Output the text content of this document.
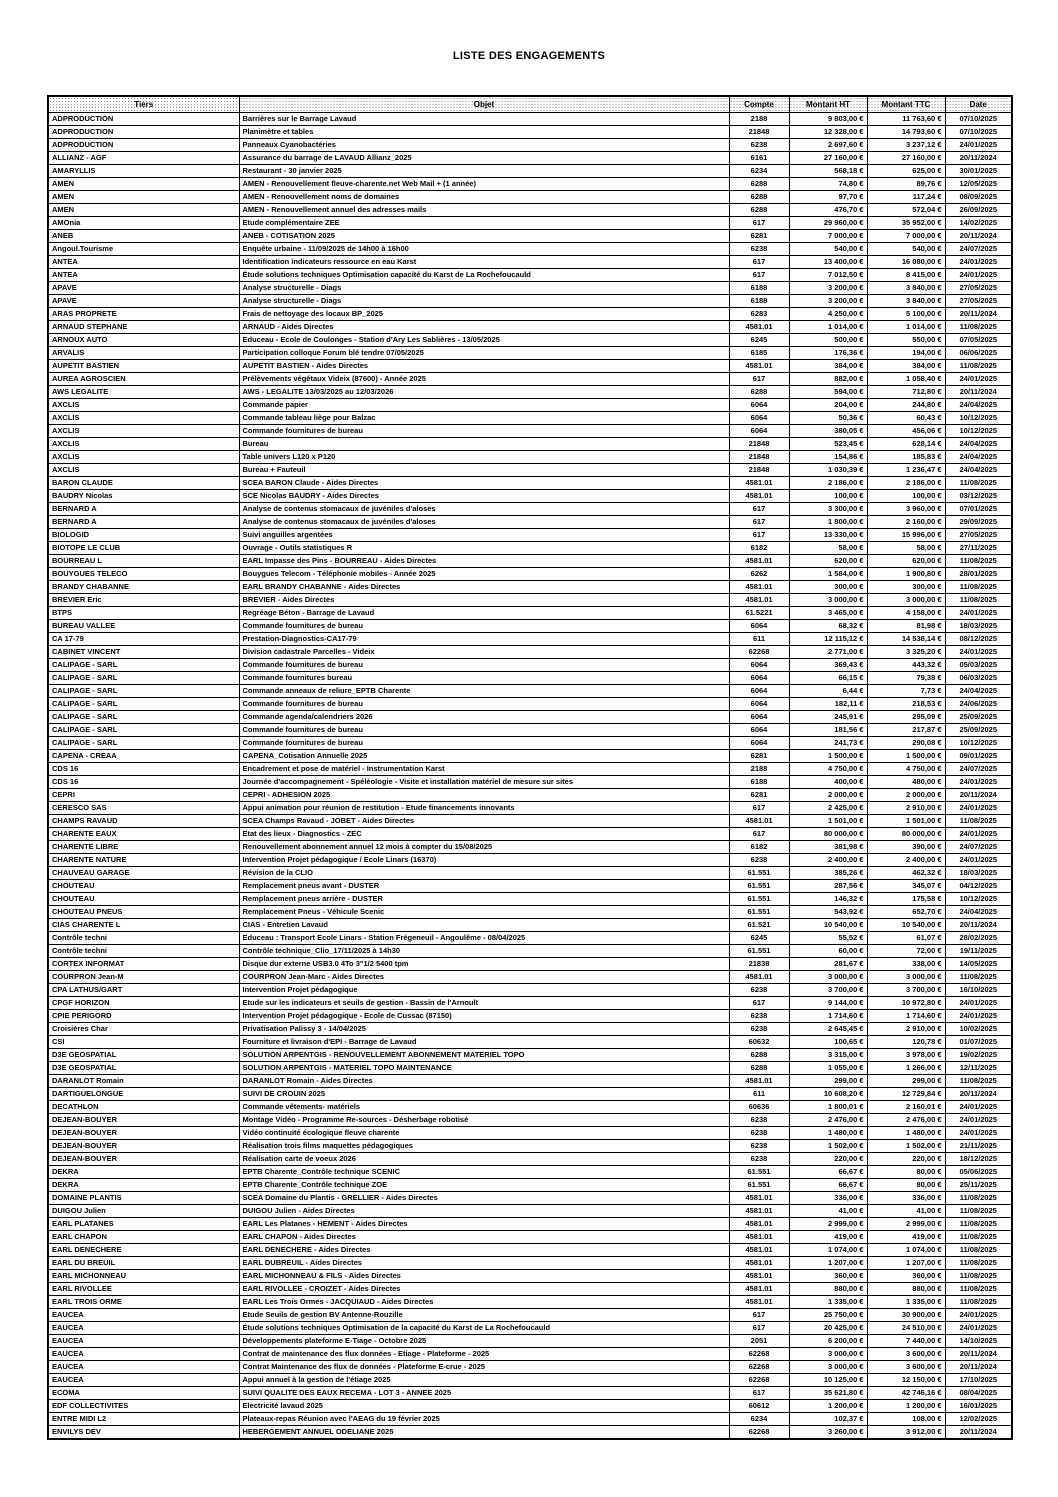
LISTE DES ENGAGEMENTS
Tiers	Objet	Compte	Montant HT	Montant TTC	Date
ADPRODUCTION	Barrières sur le Barrage Lavaud	2188	9 803,00 €	11 763,60 €	07/10/2025
ADPRODUCTION	Planimètre et tables	21848	12 328,00 €	14 793,60 €	07/10/2025
ADPRODUCTION	Panneaux Cyanobactéries	6238	2 697,60 €	3 237,12 €	24/01/2025
ALLIANZ - AGF	Assurance du barrage de LAVAUD Allianz_2025	6161	27 160,00 €	27 160,00 €	20/11/2024
AMARYLLIS	Restaurant - 30 janvier 2025	6234	568,18 €	625,00 €	30/01/2025
AMEN	AMEN - Renouvellement fleuve-charente.net Web Mail + (1 année)	6288	74,80 €	89,76 €	12/05/2025
AMEN	AMEN - Renouvellement noms de domaines	6288	97,70 €	117,24 €	08/09/2025
AMEN	AMEN - Renouvellement annuel des adresses mails	6288	476,70 €	572,04 €	26/09/2025
AMOnia	Etude complémentaire ZEE	617	29 960,00 €	35 952,00 €	14/02/2025
ANEB	ANEB - COTISATION 2025	6281	7 000,00 €	7 000,00 €	20/11/2024
Angoul.Tourisme	Enquête urbaine - 11/09/2025 de 14h00 à 16h00	6238	540,00 €	540,00 €	24/07/2025
ANTEA	Identification indicateurs ressource en eau Karst	617	13 400,00 €	16 080,00 €	24/01/2025
ANTEA	Étude solutions techniques Optimisation capacité du Karst de La Rochefoucauld	617	7 012,50 €	8 415,00 €	24/01/2025
APAVE	Analyse structurelle - Diags	6188	3 200,00 €	3 840,00 €	27/05/2025
APAVE	Analyse structurelle - Diags	6188	3 200,00 €	3 840,00 €	27/05/2025
ARAS PROPRETE	Frais de nettoyage des locaux BP_2025	6283	4 250,00 €	5 100,00 €	20/11/2024
ARNAUD STEPHANE	ARNAUD - Aides Directes	4581.01	1 014,00 €	1 014,00 €	11/08/2025
ARNOUX AUTO	Educeau - Ecole de Coulonges - Station d'Ary Les Sablières - 13/05/2025	6245	500,00 €	550,00 €	07/05/2025
ARVALIS	Participation colloque Forum blé tendre 07/05/2025	6185	176,36 €	194,00 €	06/06/2025
AUPETIT BASTIEN	AUPETIT BASTIEN - Aides Directes	4581.01	384,00 €	384,00 €	11/08/2025
AUREA AGROSCIEN	Prélèvements végétaux Videix (87600) - Année 2025	617	882,00 €	1 058,40 €	24/01/2025
AWS LEGALITE	AWS - LEGALITE 13/03/2025 au 12/03/2026	6288	594,00 €	712,80 €	20/11/2024
AXCLIS	Commande papier	6064	204,00 €	244,80 €	24/04/2025
AXCLIS	Commande tableau liège pour Balzac	6064	50,36 €	60,43 €	10/12/2025
AXCLIS	Commande fournitures de bureau	6064	380,05 €	456,06 €	10/12/2025
AXCLIS	Bureau	21848	523,45 €	628,14 €	24/04/2025
AXCLIS	Table univers L120 x P120	21848	154,86 €	185,83 €	24/04/2025
AXCLIS	Bureau + Fauteuil	21848	1 030,39 €	1 236,47 €	24/04/2025
BARON CLAUDE	SCEA BARON Claude - Aides Directes	4581.01	2 186,00 €	2 186,00 €	11/08/2025
BAUDRY Nicolas	SCE Nicolas BAUDRY - Aides Directes	4581.01	100,00 €	100,00 €	03/12/2025
BERNARD A	Analyse de contenus stomacaux de juvéniles d'aloses	617	3 300,00 €	3 960,00 €	07/01/2025
BERNARD A	Analyse de contenus stomacaux de juvéniles d'aloses	617	1 800,00 €	2 160,00 €	29/09/2025
BIOLOGID	Suivi anguilles argentées	617	13 330,00 €	15 996,00 €	27/05/2025
BIOTOPE LE CLUB	Ouvrage - Outils statistiques R	6182	58,00 €	58,00 €	27/11/2025
BOURREAU L	EARL Impasse des Pins - BOURREAU - Aides Directes	4581.01	620,00 €	620,00 €	11/08/2025
BOUYGUES TELECO	Bouygues Telecom - Téléphonie mobiles - Année 2025	6262	1 584,00 €	1 900,80 €	28/01/2025
BRANDY CHABANNE	EARL BRANDY CHABANNE - Aides Directes	4581.01	300,00 €	300,00 €	11/08/2025
BREVIER Eric	BREVIER - Aides Directes	4581.01	3 000,00 €	3 000,00 €	11/08/2025
BTPS	Regréage Béton - Barrage de Lavaud	61.5221	3 465,00 €	4 158,00 €	24/01/2025
BUREAU VALLEE	Commande fournitures de bureau	6064	68,32 €	81,98 €	18/03/2025
CA 17-79	Prestation-Diagnostics-CA17-79	611	12 115,12 €	14 538,14 €	08/12/2025
CABINET VINCENT	Division cadastrale Parcelles - Videix	62268	2 771,00 €	3 325,20 €	24/01/2025
CALIPAGE - SARL	Commande fournitures de bureau	6064	369,43 €	443,32 €	05/03/2025
CALIPAGE - SARL	Commande fournitures bureau	6064	66,15 €	79,38 €	06/03/2025
CALIPAGE - SARL	Commande anneaux de reliure_EPTB Charente	6064	6,44 €	7,73 €	24/04/2025
CALIPAGE - SARL	Commande fournitures de bureau	6064	182,11 €	218,53 €	24/06/2025
CALIPAGE - SARL	Commande agenda/calendriers 2026	6064	245,91 €	295,09 €	25/09/2025
CALIPAGE - SARL	Commande fournitures de bureau	6064	181,56 €	217,87 €	25/09/2025
CALIPAGE - SARL	Commande fournitures de bureau	6064	241,73 €	290,08 €	10/12/2025
CAPENA - CREAA	CAPENA_Cotisation Annuelle 2025	6281	1 500,00 €	1 500,00 €	09/01/2025
CDS 16	Encadrement et pose de matériel - Instrumentation Karst	2188	4 750,00 €	4 750,00 €	24/07/2025
CDS 16	Journée d'accompagnement - Spéléologie - Visite et installation matériel de mesure sur sites	6188	400,00 €	480,00 €	24/01/2025
CEPRI	CEPRI - ADHESION 2025	6281	2 000,00 €	2 000,00 €	20/11/2024
CERESCO SAS	Appui animation pour réunion de restitution - Etude financements innovants	617	2 425,00 €	2 910,00 €	24/01/2025
CHAMPS RAVAUD	SCEA Champs Ravaud - JOBET - Aides Directes	4581.01	1 501,00 €	1 501,00 €	11/08/2025
CHARENTE EAUX	Etat des lieux - Diagnostics - ZEC	617	80 000,00 €	80 000,00 €	24/01/2025
CHARENTE LIBRE	Renouvellement abonnement annuel 12 mois à compter du 15/08/2025	6182	381,98 €	390,00 €	24/07/2025
CHARENTE NATURE	Intervention Projet pédagogique / Ecole Linars (16370)	6238	2 400,00 €	2 400,00 €	24/01/2025
CHAUVEAU GARAGE	Révision de la CLIO	61.551	385,26 €	462,32 €	18/03/2025
CHOUTEAU	Remplacement pneus avant - DUSTER	61.551	287,56 €	345,07 €	04/12/2025
CHOUTEAU	Remplacement pneus arrière - DUSTER	61.551	146,32 €	175,58 €	10/12/2025
CHOUTEAU PNEUS	Remplacement Pneus - Véhicule Scenic	61.551	543,92 €	652,70 €	24/04/2025
CIAS CHARENTE L	CIAS - Entretien Lavaud	61.521	10 540,00 €	10 540,00 €	20/11/2024
Contrôle techni	Educeau : Transport Ecole Linars - Station Frégeneuil - Angoulême - 08/04/2025	6245	55,52 €	61,07 €	28/02/2025
Contrôle techni	Contrôle technique_Clio_17/11/2025 à 14h30	61.551	60,00 €	72,00 €	19/11/2025
CORTEX INFORMAT	Disque dur externe USB3.0 4To 3"1/2 5400 tpm	21838	281,67 €	338,00 €	14/05/2025
COURPRON Jean-M	COURPRON Jean-Marc - Aides Directes	4581.01	3 000,00 €	3 000,00 €	11/08/2025
CPA LATHUS/GART	Intervention Projet pédagogique	6238	3 700,00 €	3 700,00 €	16/10/2025
CPGF HORIZON	Etude sur les indicateurs et seuils de gestion - Bassin de l'Arnoult	617	9 144,00 €	10 972,80 €	24/01/2025
CPIE PERIGORD	Intervention Projet pédagogique - Ecole de Cussac (87150)	6238	1 714,60 €	1 714,60 €	24/01/2025
Croisières Char	Privatisation Palissy 3 - 14/04/2025	6238	2 645,45 €	2 910,00 €	10/02/2025
CSI	Fourniture et livraison d'EPI - Barrage de Lavaud	60632	100,65 €	120,78 €	01/07/2025
D3E GEOSPATIAL	SOLUTION ARPENTGIS - RENOUVELLEMENT ABONNEMENT MATERIEL TOPO	6288	3 315,00 €	3 978,00 €	19/02/2025
D3E GEOSPATIAL	SOLUTION ARPENTGIS - MATERIEL TOPO MAINTENANCE	6288	1 055,00 €	1 266,00 €	12/11/2025
DARANLOT Romain	DARANLOT Romain - Aides Directes	4581.01	299,00 €	299,00 €	11/08/2025
DARTIGUELONGUE	SUIVI DE CROUIN 2025	611	10 608,20 €	12 729,84 €	20/11/2024
DECATHLON	Commande vêtements- matériels	60636	1 800,01 €	2 160,01 €	24/01/2025
DEJEAN-BOUYER	Montage Vidéo - Programme Re-sources - Désherbage robotisé	6238	2 476,00 €	2 476,00 €	24/01/2025
DEJEAN-BOUYER	Vidéo continuité écologique fleuve charente	6238	1 480,00 €	1 480,00 €	24/01/2025
DEJEAN-BOUYER	Réalisation trois films maquettes pédagogiques	6238	1 502,00 €	1 502,00 €	21/11/2025
DEJEAN-BOUYER	Réalisation carte de voeux 2026	6238	220,00 €	220,00 €	18/12/2025
DEKRA	EPTB Charente_Contrôle technique SCENIC	61.551	66,67 €	80,00 €	05/06/2025
DEKRA	EPTB Charente_Contrôle technique ZOE	61.551	66,67 €	80,00 €	25/11/2025
DOMAINE PLANTIS	SCEA Domaine du Plantis - GRELLIER - Aides Directes	4581.01	336,00 €	336,00 €	11/08/2025
DUIGOU Julien	DUIGOU Julien - Aides Directes	4581.01	41,00 €	41,00 €	11/08/2025
EARL PLATANES	EARL Les Platanes - HEMENT - Aides Directes	4581.01	2 999,00 €	2 999,00 €	11/08/2025
EARL CHAPON	EARL CHAPON - Aides Directes	4581.01	419,00 €	419,00 €	11/08/2025
EARL DENECHERE	EARL DENECHERE - Aides Directes	4581.01	1 074,00 €	1 074,00 €	11/08/2025
EARL DU BREUIL	EARL DUBREUIL - Aides Directes	4581.01	1 207,00 €	1 207,00 €	11/08/2025
EARL MICHONNEAU	EARL MICHONNEAU & FILS - Aides Directes	4581.01	360,00 €	360,00 €	11/08/2025
EARL RIVOLLEE	EARL RIVOLLEE - CROIZET - Aides Directes	4581.01	880,00 €	880,00 €	11/08/2025
EARL TROIS ORME	EARL Les Trois Ormes - JACQUIAUD - Aides Directes	4581.01	1 335,00 €	1 335,00 €	11/08/2025
EAUCEA	Etude Seuils de gestion BV Antenne-Rouzille	617	25 750,00 €	30 900,00 €	24/01/2025
EAUCEA	Étude solutions techniques Optimisation de la capacité du Karst de La Rochefoucauld	617	20 425,00 €	24 510,00 €	24/01/2025
EAUCEA	Développements plateforme E-Tiage - Octobre 2025	2051	6 200,00 €	7 440,00 €	14/10/2025
EAUCEA	Contrat de maintenance des flux données - Etiage - Plateforme - 2025	62268	3 000,00 €	3 600,00 €	20/11/2024
EAUCEA	Contrat Maintenance des flux de données - Plateforme E-crue - 2025	62268	3 000,00 €	3 600,00 €	20/11/2024
EAUCEA	Appui annuel à la gestion de l'étiage 2025	62268	10 125,00 €	12 150,00 €	17/10/2025
ECOMA	SUIVI QUALITE DES EAUX RECEMA - LOT 3 - ANNEE 2025	617	35 621,80 €	42 746,16 €	08/04/2025
EDF COLLECTIVITES	Electricité lavaud 2025	60612	1 200,00 €	1 200,00 €	16/01/2025
ENTRE MIDI L2	Plateaux-repas Réunion avec l'AEAG du 19 février 2025	6234	102,37 €	108,00 €	12/02/2025
ENVILYS DEV	HEBERGEMENT ANNUEL ODELIANE 2025	62268	3 260,00 €	3 912,00 €	20/11/2024
